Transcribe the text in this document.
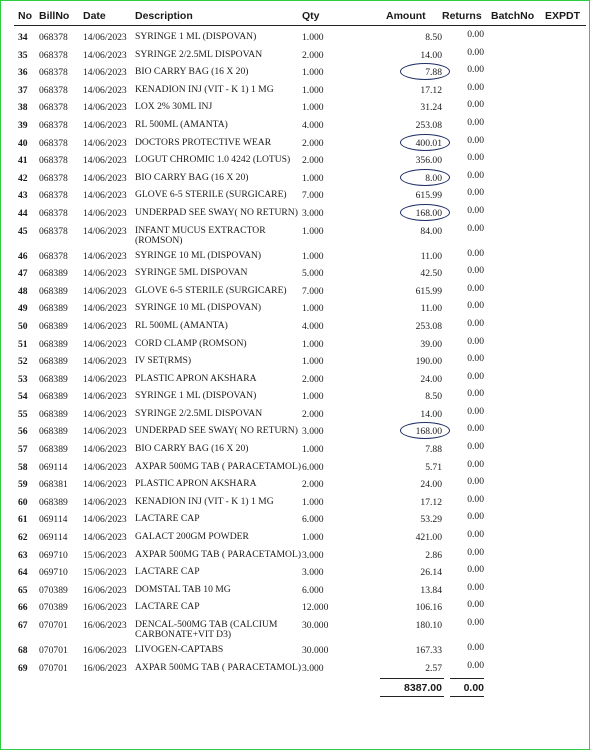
No BillNo Date	Description	Qty	Amount Returns BatchNo EXPDT
34	068378 14/06/2023 SYRINGE 1 ML (DISPOVAN)	1.000	8.50	0.00
35	068378 14/06/2023 SYRINGE 2/2.5ML DISPOVAN	2.000	14.00	0.00
36	068378 14/06/2023 BIO CARRY BAG (16 X 20)	1.000	7.88	0.00
37	068378 14/06/2023 KENADION INJ (VIT - K 1) 1 MG	1.000	17.12	0.00
38	068378 14/06/2023 LOX 2% 30ML INJ	1.000	31.24	0.00
39	068378 14/06/2023 RL 500ML (AMANTA)	4.000	253.08	0.00
40	068378 14/06/2023 DOCTORS PROTECTIVE WEAR	2.000	400.01	0.00
41	068378 14/06/2023 LOGUT CHROMIC 1.0 4242 (LOTUS)	2.000	356.00	0.00
42	068378 14/06/2023 BIO CARRY BAG (16 X 20)	1.000	8.00	0.00
43	068378 14/06/2023 GLOVE 6-5 STERILE (SURGICARE)	7.000	615.99	0.00
44	068378 14/06/2023 UNDERPAD SEE SWAY( NO RETURN) 3.000	168.00	0.00
45	068378 14/06/2023 INFANT MUCUS EXTRACTOR (ROMSON)
1.000	84.00	0.00
46	068378 14/06/2023 SYRINGE 10 ML (DISPOVAN)	1.000	11.00	0.00
47	068389 14/06/2023 SYRINGE 5ML DISPOVAN	5.000	42.50	0.00
48	068389 14/06/2023 GLOVE 6-5 STERILE (SURGICARE)	7.000	615.99	0.00
49	068389 14/06/2023 SYRINGE 10 ML (DISPOVAN)	1.000	11.00	0.00
50	068389 14/06/2023 RL 500ML (AMANTA)	4.000	253.08	0.00
51	068389 14/06/2023 CORD CLAMP (ROMSON)	1.000	39.00	0.00
52	068389 14/06/2023 IV SET(RMS)	1.000	190.00	0.00
53	068389 14/06/2023 PLASTIC APRON AKSHARA	2.000	24.00	0.00
54	068389 14/06/2023 SYRINGE 1 ML (DISPOVAN)	1.000	8.50	0.00
55	068389 14/06/2023 SYRINGE 2/2.5ML DISPOVAN	2.000	14.00	0.00
56	068389 14/06/2023 UNDERPAD SEE SWAY( NO RETURN) 3.000	168.00	0.00
57	068389 14/06/2023 BIO CARRY BAG (16 X 20)	1.000	7.88	0.00
58	069114 14/06/2023 AXPAR 500MG TAB ( PARACETAMOL) 6.000	5.71	0.00
59	068381 14/06/2023 PLASTIC APRON AKSHARA	2.000	24.00	0.00
60	068389 14/06/2023 KENADION INJ (VIT - K 1) 1 MG	1.000	17.12	0.00
61	069114 14/06/2023 LACTARE CAP	6.000	53.29	0.00
62	069114 14/06/2023 GALACT 200GM POWDER	1.000	421.00	0.00
63	069710 15/06/2023 AXPAR 500MG TAB ( PARACETAMOL) 3.000	2.86	0.00
64	069710 15/06/2023 LACTARE CAP	3.000	26.14	0.00
65	070389 16/06/2023 DOMSTAL TAB 10 MG	6.000	13.84	0.00
66	070389 16/06/2023 LACTARE CAP	12.000	106.16	0.00
67	070701 16/06/2023 DENCAL-500MG TAB (CALCIUM CARBONATE+VIT D3)
30.000	180.10	0.00
68	070701 16/06/2023 LIVOGEN-CAPTABS	30.000	167.33	0.00
69	070701 16/06/2023 AXPAR 500MG TAB ( PARACETAMOL) 3.000	2.57	0.00
8387.00	0.00
